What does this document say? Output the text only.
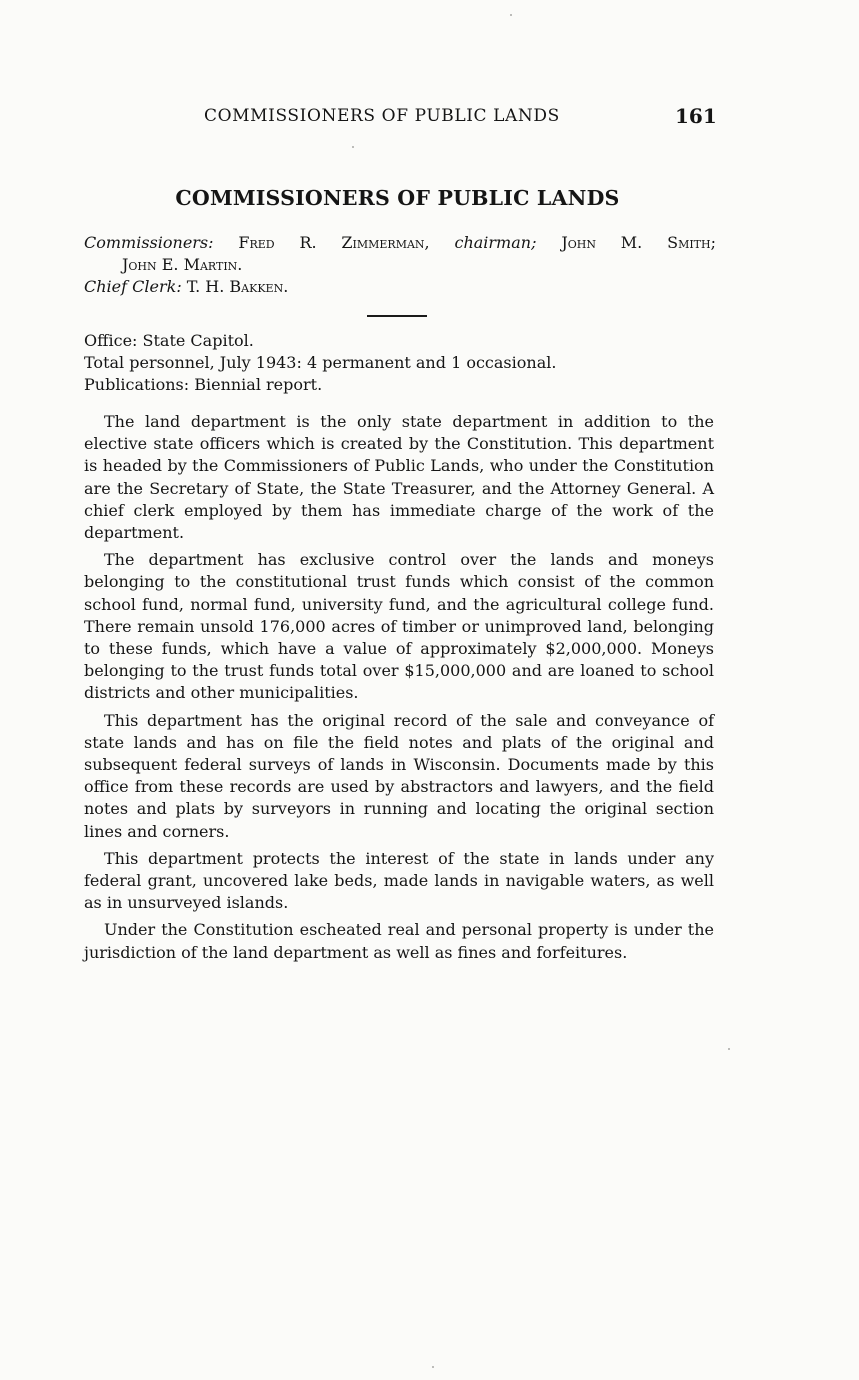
COMMISSIONERS OF PUBLIC LANDS	161
COMMISSIONERS OF PUBLIC LANDS
Commissioners: Fred R. Zimmerman, chairman; John M. Smith;
John E. Martin.
Chief Clerk: T. H. Bakken.
Office: State Capitol.
Total personnel, July 1943: 4 permanent and 1 occasional.
Publications: Biennial report.

The land department is the only state department in addition to the elective state officers which is created by the Constitution. This department is headed by the Commissioners of Public Lands, who under the Constitution are the Secretary of State, the State Treasurer, and the Attorney General. A chief clerk employed by them has immediate charge of the work of the department.

The department has exclusive control over the lands and moneys belonging to the constitutional trust funds which consist of the common school fund, normal fund, university fund, and the agricultural college fund. There remain unsold 176,000 acres of timber or unimproved land, belonging to these funds, which have a value of approximately $2,000,000. Moneys belonging to the trust funds total over $15,000,000 and are loaned to school districts and other municipalities.

This department has the original record of the sale and conveyance of state lands and has on file the field notes and plats of the original and subsequent federal surveys of lands in Wisconsin. Documents made by this office from these records are used by abstractors and lawyers, and the field notes and plats by surveyors in running and locating the original section lines and corners.

This department protects the interest of the state in lands under any federal grant, uncovered lake beds, made lands in navigable waters, as well as in unsurveyed islands.

Under the Constitution escheated real and personal property is under the jurisdiction of the land department as well as fines and forfeitures.
